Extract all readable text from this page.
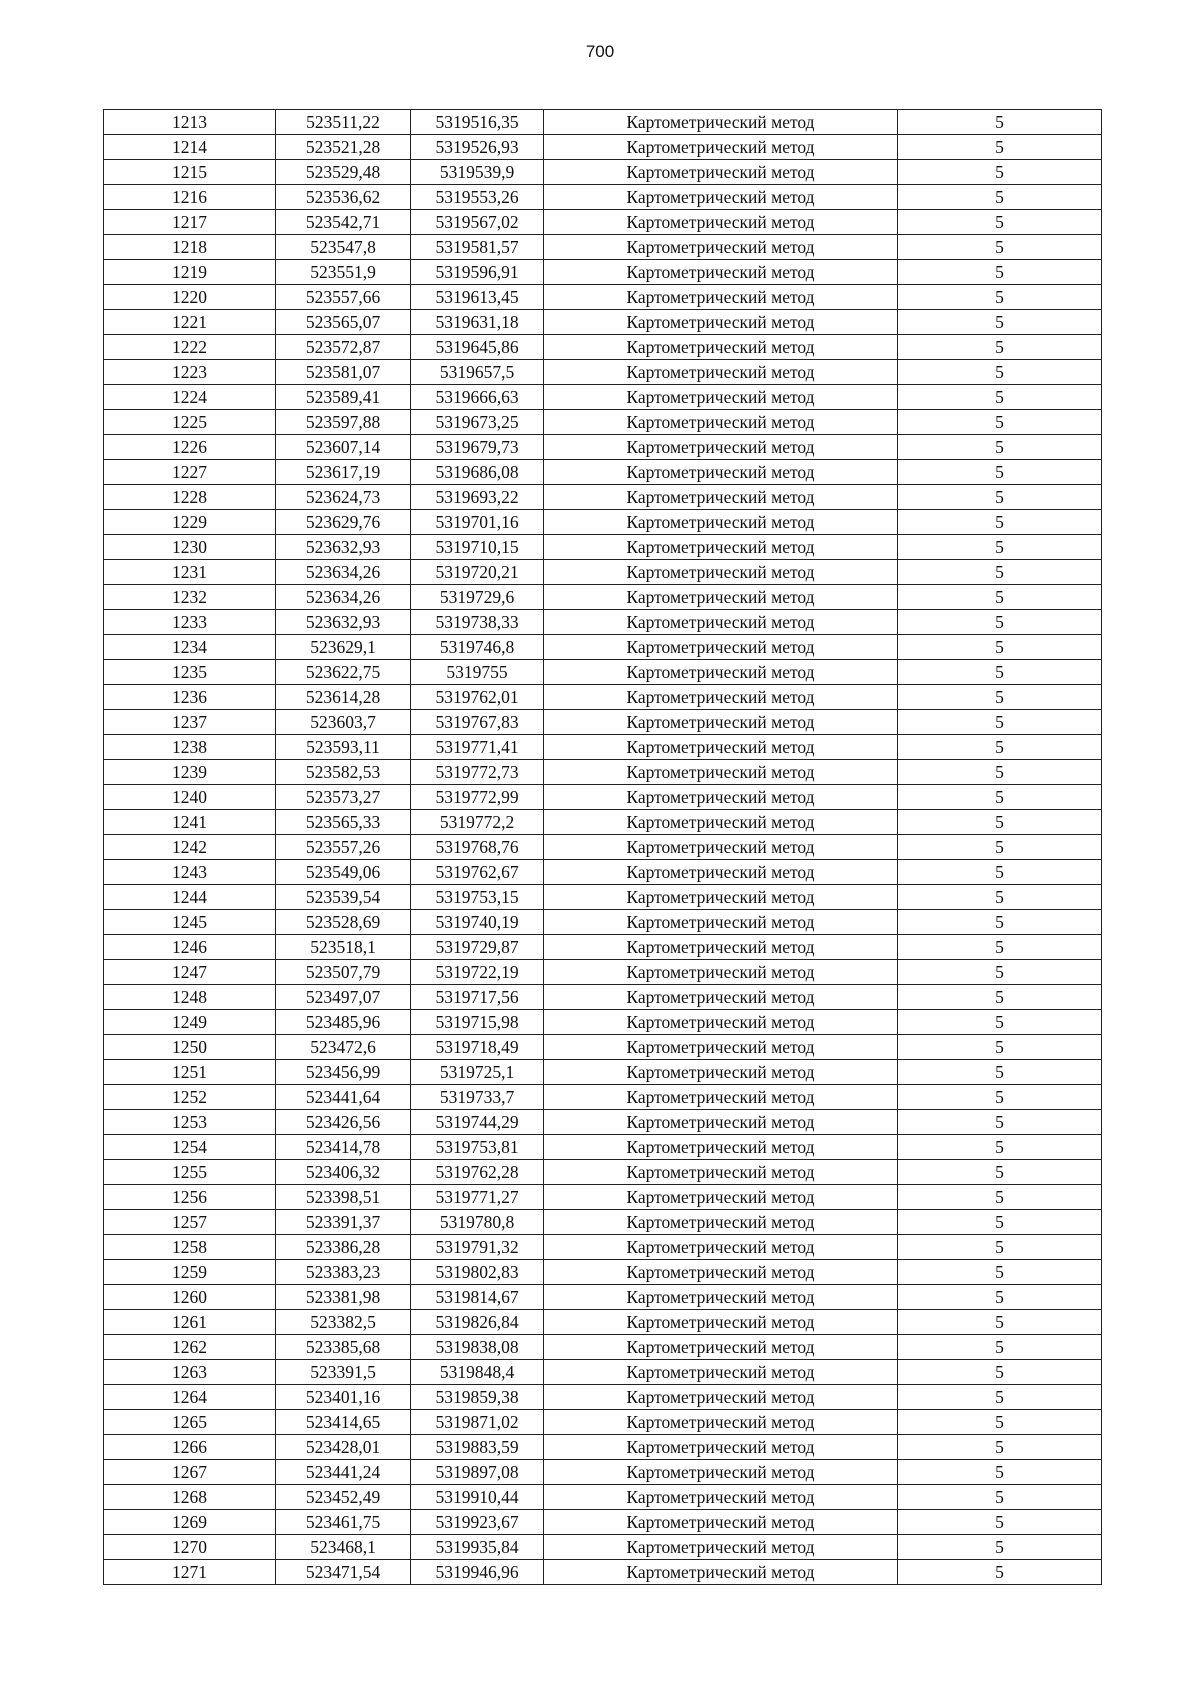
700
1213	523511,22	5319516,35	Картометрический метод	5
1214	523521,28	5319526,93	Картометрический метод	5
1215	523529,48	5319539,9	Картометрический метод	5
1216	523536,62	5319553,26	Картометрический метод	5
1217	523542,71	5319567,02	Картометрический метод	5
1218	523547,8	5319581,57	Картометрический метод	5
1219	523551,9	5319596,91	Картометрический метод	5
1220	523557,66	5319613,45	Картометрический метод	5
1221	523565,07	5319631,18	Картометрический метод	5
1222	523572,87	5319645,86	Картометрический метод	5
1223	523581,07	5319657,5	Картометрический метод	5
1224	523589,41	5319666,63	Картометрический метод	5
1225	523597,88	5319673,25	Картометрический метод	5
1226	523607,14	5319679,73	Картометрический метод	5
1227	523617,19	5319686,08	Картометрический метод	5
1228	523624,73	5319693,22	Картометрический метод	5
1229	523629,76	5319701,16	Картометрический метод	5
1230	523632,93	5319710,15	Картометрический метод	5
1231	523634,26	5319720,21	Картометрический метод	5
1232	523634,26	5319729,6	Картометрический метод	5
1233	523632,93	5319738,33	Картометрический метод	5
1234	523629,1	5319746,8	Картометрический метод	5
1235	523622,75	5319755	Картометрический метод	5
1236	523614,28	5319762,01	Картометрический метод	5
1237	523603,7	5319767,83	Картометрический метод	5
1238	523593,11	5319771,41	Картометрический метод	5
1239	523582,53	5319772,73	Картометрический метод	5
1240	523573,27	5319772,99	Картометрический метод	5
1241	523565,33	5319772,2	Картометрический метод	5
1242	523557,26	5319768,76	Картометрический метод	5
1243	523549,06	5319762,67	Картометрический метод	5
1244	523539,54	5319753,15	Картометрический метод	5
1245	523528,69	5319740,19	Картометрический метод	5
1246	523518,1	5319729,87	Картометрический метод	5
1247	523507,79	5319722,19	Картометрический метод	5
1248	523497,07	5319717,56	Картометрический метод	5
1249	523485,96	5319715,98	Картометрический метод	5
1250	523472,6	5319718,49	Картометрический метод	5
1251	523456,99	5319725,1	Картометрический метод	5
1252	523441,64	5319733,7	Картометрический метод	5
1253	523426,56	5319744,29	Картометрический метод	5
1254	523414,78	5319753,81	Картометрический метод	5
1255	523406,32	5319762,28	Картометрический метод	5
1256	523398,51	5319771,27	Картометрический метод	5
1257	523391,37	5319780,8	Картометрический метод	5
1258	523386,28	5319791,32	Картометрический метод	5
1259	523383,23	5319802,83	Картометрический метод	5
1260	523381,98	5319814,67	Картометрический метод	5
1261	523382,5	5319826,84	Картометрический метод	5
1262	523385,68	5319838,08	Картометрический метод	5
1263	523391,5	5319848,4	Картометрический метод	5
1264	523401,16	5319859,38	Картометрический метод	5
1265	523414,65	5319871,02	Картометрический метод	5
1266	523428,01	5319883,59	Картометрический метод	5
1267	523441,24	5319897,08	Картометрический метод	5
1268	523452,49	5319910,44	Картометрический метод	5
1269	523461,75	5319923,67	Картометрический метод	5
1270	523468,1	5319935,84	Картометрический метод	5
1271	523471,54	5319946,96	Картометрический метод	5
